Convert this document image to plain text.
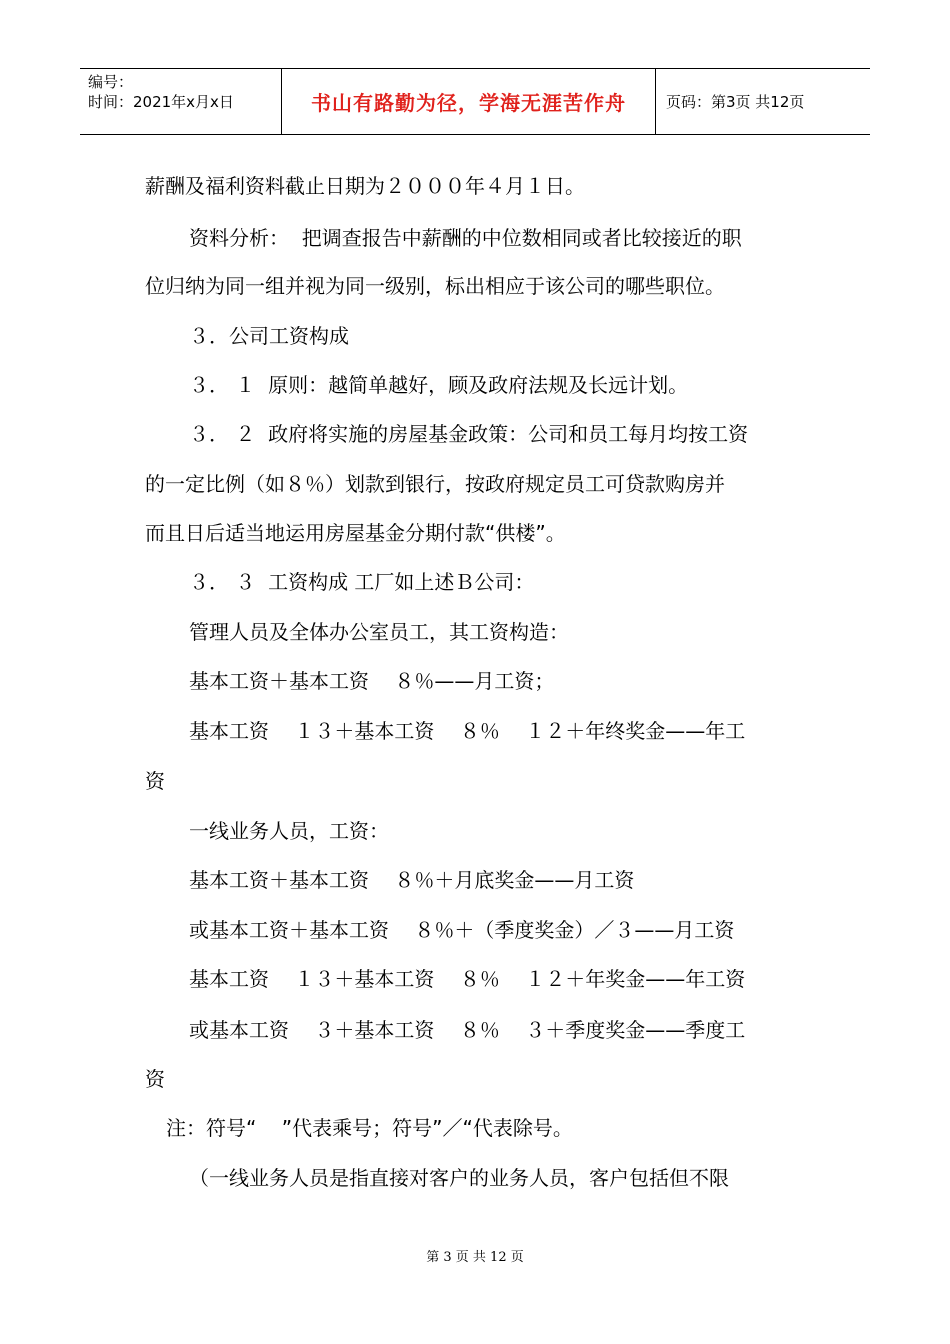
编号：
时间：2021年x月x日	书山有路勤为径，学海无涯苦作舟	页码：第3页 共12页
薪酬及福利资料截止日期为２０００年４月１日。
资料分析：  把调查报告中薪酬的中位数相同或者比较接近的职
位归纳为同一组并视为同一级别，标出相应于该公司的哪些职位。
３．公司工资构成
３． １  原则：越简单越好，顾及政府法规及长远计划。
３． ２  政府将实施的房屋基金政策：公司和员工每月均按工资
的一定比例（如８％）划款到银行，按政府规定员工可贷款购房并
而且日后适当地运用房屋基金分期付款“供楼”。
３． ３  工资构成 工厂如上述Ｂ公司：
管理人员及全体办公室员工，其工资构造：
基本工资＋基本工资    ８％——月工资；
基本工资    １３＋基本工资    ８％    １２＋年终奖金——年工
资
一线业务人员，工资：
基本工资＋基本工资    ８％＋月底奖金——月工资
或基本工资＋基本工资    ８％＋（季度奖金）／３——月工资
基本工资    １３＋基本工资    ８％    １２＋年奖金——年工资
或基本工资    ３＋基本工资    ８％    ３＋季度奖金——季度工
资
注：符号“    ”代表乘号；符号”／“代表除号。
（一线业务人员是指直接对客户的业务人员，客户包括但不限
第 3 页 共 12 页
